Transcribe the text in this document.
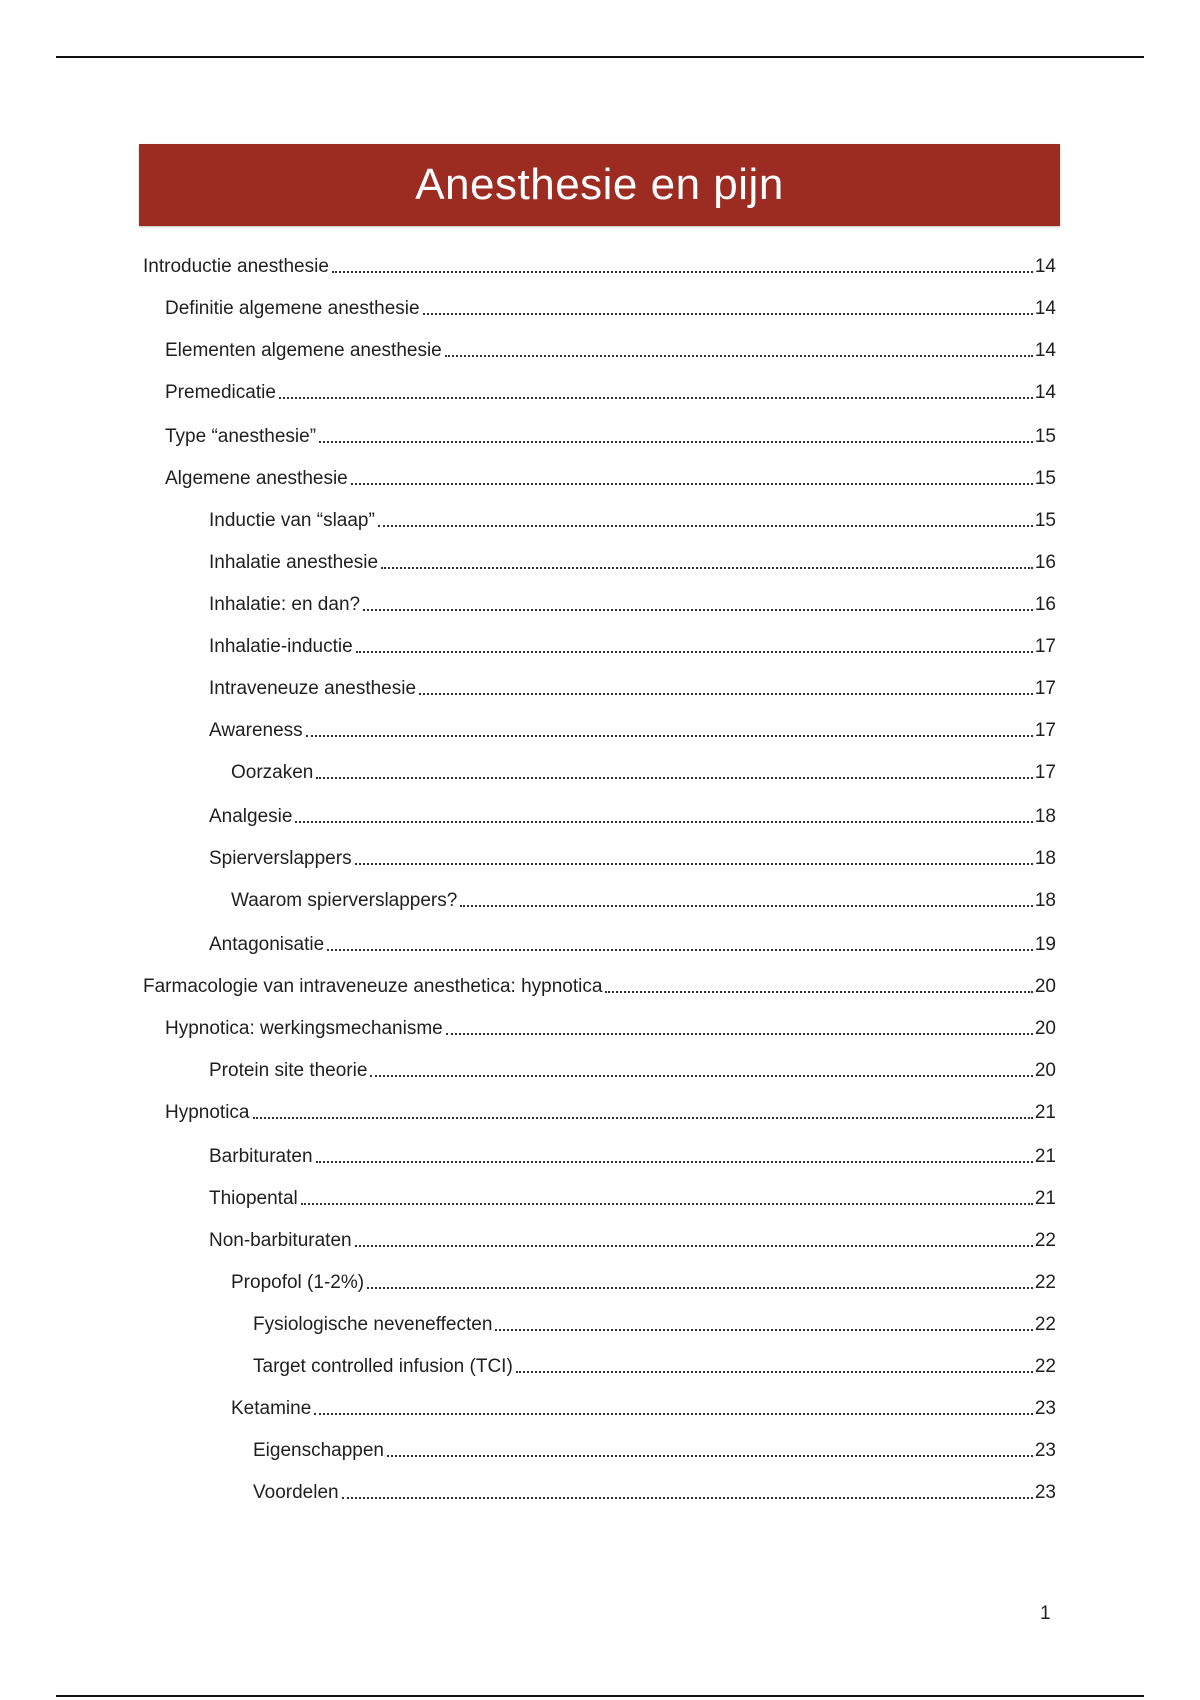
Anesthesie en pijn
Introductie anesthesie	14
Definitie algemene anesthesie	14
Elementen algemene anesthesie	14
Premedicatie	14
Type “anesthesie”	15
Algemene anesthesie	15
Inductie van “slaap”	15
Inhalatie anesthesie	16
Inhalatie: en dan?	16
Inhalatie-inductie	17
Intraveneuze anesthesie	17
Awareness	17
Oorzaken	17
Analgesie	18
Spierverslappers	18
Waarom spierverslappers?	18
Antagonisatie	19
Farmacologie van intraveneuze anesthetica: hypnotica	20
Hypnotica: werkingsmechanisme	20
Protein site theorie	20
Hypnotica	21
Barbituraten	21
Thiopental	21
Non-barbituraten	22
Propofol (1-2%)	22
Fysiologische neveneffecten	22
Target controlled infusion (TCI)	22
Ketamine	23
Eigenschappen	23
Voordelen	23
1
